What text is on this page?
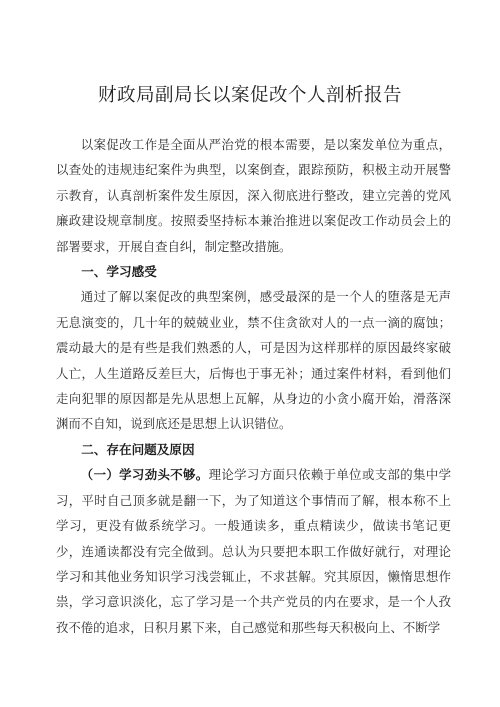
财政局副局长以案促改个人剖析报告

以案促改工作是全面从严治党的根本需要，是以案发单位为重点，以查处的违规违纪案件为典型，以案倒查，跟踪预防，积极主动开展警示教育，认真剖析案件发生原因，深入彻底进行整改，建立完善的党风廉政建设规章制度。按照委坚持标本兼治推进以案促改工作动员会上的部署要求，开展自查自纠，制定整改措施。

一、学习感受

通过了解以案促改的典型案例，感受最深的是一个人的堕落是无声无息演变的，几十年的兢兢业业，禁不住贪欲对人的一点一滴的腐蚀；震动最大的是有些是我们熟悉的人，可是因为这样那样的原因最终家破人亡，人生道路反差巨大，后悔也于事无补；通过案件材料，看到他们走向犯罪的原因都是先从思想上瓦解，从身边的小贪小腐开始，滑落深渊而不自知，说到底还是思想上认识错位。

二、存在问题及原因

（一）学习劲头不够。理论学习方面只依赖于单位或支部的集中学习，平时自己顶多就是翻一下，为了知道这个事情而了解，根本称不上学习，更没有做系统学习。一般通读多，重点精读少，做读书笔记更少，连通读都没有完全做到。总认为只要把本职工作做好就行，对理论学习和其他业务知识学习浅尝辄止，不求甚解。究其原因，懒惰思想作祟，学习意识淡化，忘了学习是一个共产党员的内在要求，是一个人孜孜不倦的追求，日积月累下来，自己感觉和那些每天积极向上、不断学
